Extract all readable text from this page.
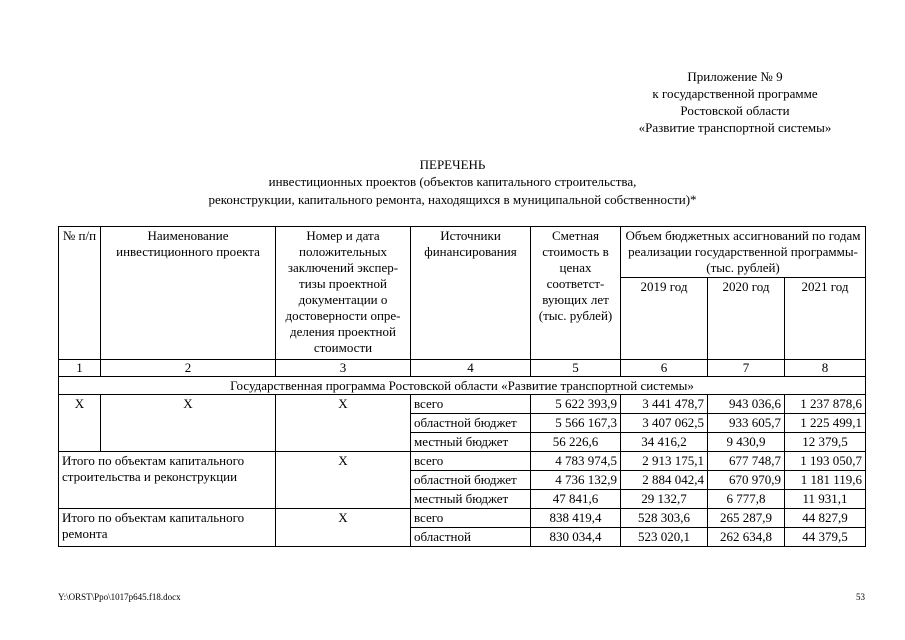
Приложение № 9
к государственной программе
Ростовской области
«Развитие транспортной системы»
ПЕРЕЧЕНЬ
инвестиционных проектов (объектов капитального строительства,
реконструкции, капитального ремонта, находящихся в муниципальной собственности)*
№ п/п	Наименование инвестиционного проекта	Номер и дата положительных заключений экспер-тизы проектной документации о достоверности опре-деления проектной стоимости	Источники финансирования	Сметная стоимость в ценах соответст-вующих лет (тыс. рублей)	Объем бюджетных ассигнований по годам реализации государственной программы-(тыс. рублей)		
					2019 год	2020 год	2021 год
1	2	3	4	5	6	7	8
Государственная программа Ростовской области «Развитие транспортной системы»							
Х	Х	Х	всего	5 622 393,9	3 441 478,7	943 036,6	1 237 878,6
			областной бюджет	5 566 167,3	3 407 062,5	933 605,7	1 225 499,1
			местный бюджет	56 226,6	34 416,2	9 430,9	12 379,5
Итого по объектам капитального строительства и реконструкции		Х	всего	4 783 974,5	2 913 175,1	677 748,7	1 193 050,7
			областной бюджет	4 736 132,9	2 884 042,4	670 970,9	1 181 119,6
			местный бюджет	47 841,6	29 132,7	6 777,8	11 931,1
Итого по объектам капитального ремонта		Х	всего	838 419,4	528 303,6	265 287,9	44 827,9
			областной	830 034,4	523 020,1	262 634,8	44 379,5
Y:\ORST\Ppo\1017p645.f18.docx	53
